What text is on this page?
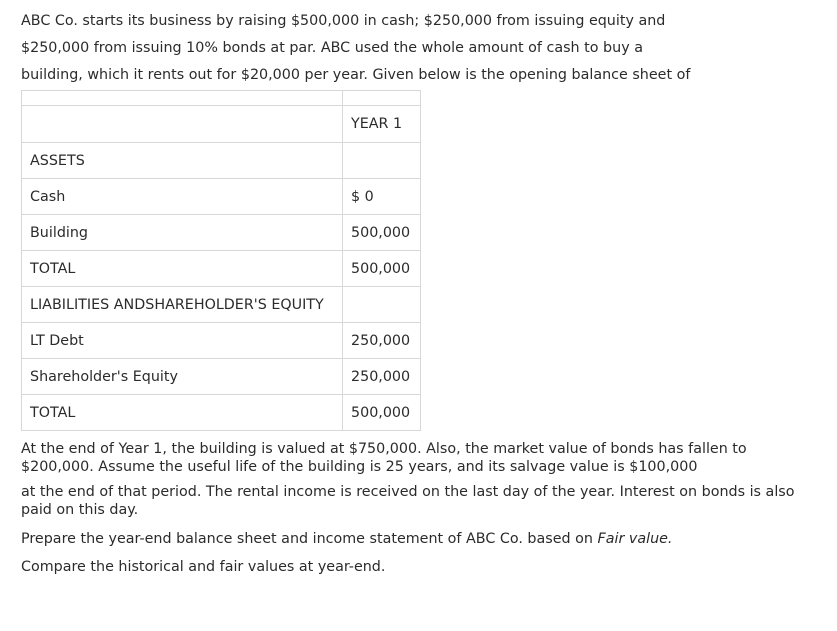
ABC Co. starts its business by raising $500,000 in cash; $250,000 from issuing equity and

$250,000 from issuing 10% bonds at par. ABC used the whole amount of cash to buy a

building, which it rents out for $20,000 per year. Given below is the opening balance sheet of

	YEAR 1
ASSETS	
Cash	$ 0
Building	500,000
TOTAL	500,000
LIABILITIES ANDSHAREHOLDER'S EQUITY	
LT Debt	250,000
Shareholder's Equity	250,000
TOTAL	500,000

At the end of Year 1, the building is valued at $750,000. Also, the market value of bonds has fallen to $200,000. Assume the useful life of the building is 25 years, and its salvage value is $100,000

at the end of that period. The rental income is received on the last day of the year. Interest on bonds is also paid on this day.

Prepare the year-end balance sheet and income statement of ABC Co. based on Fair value.

Compare the historical and fair values at year-end.
